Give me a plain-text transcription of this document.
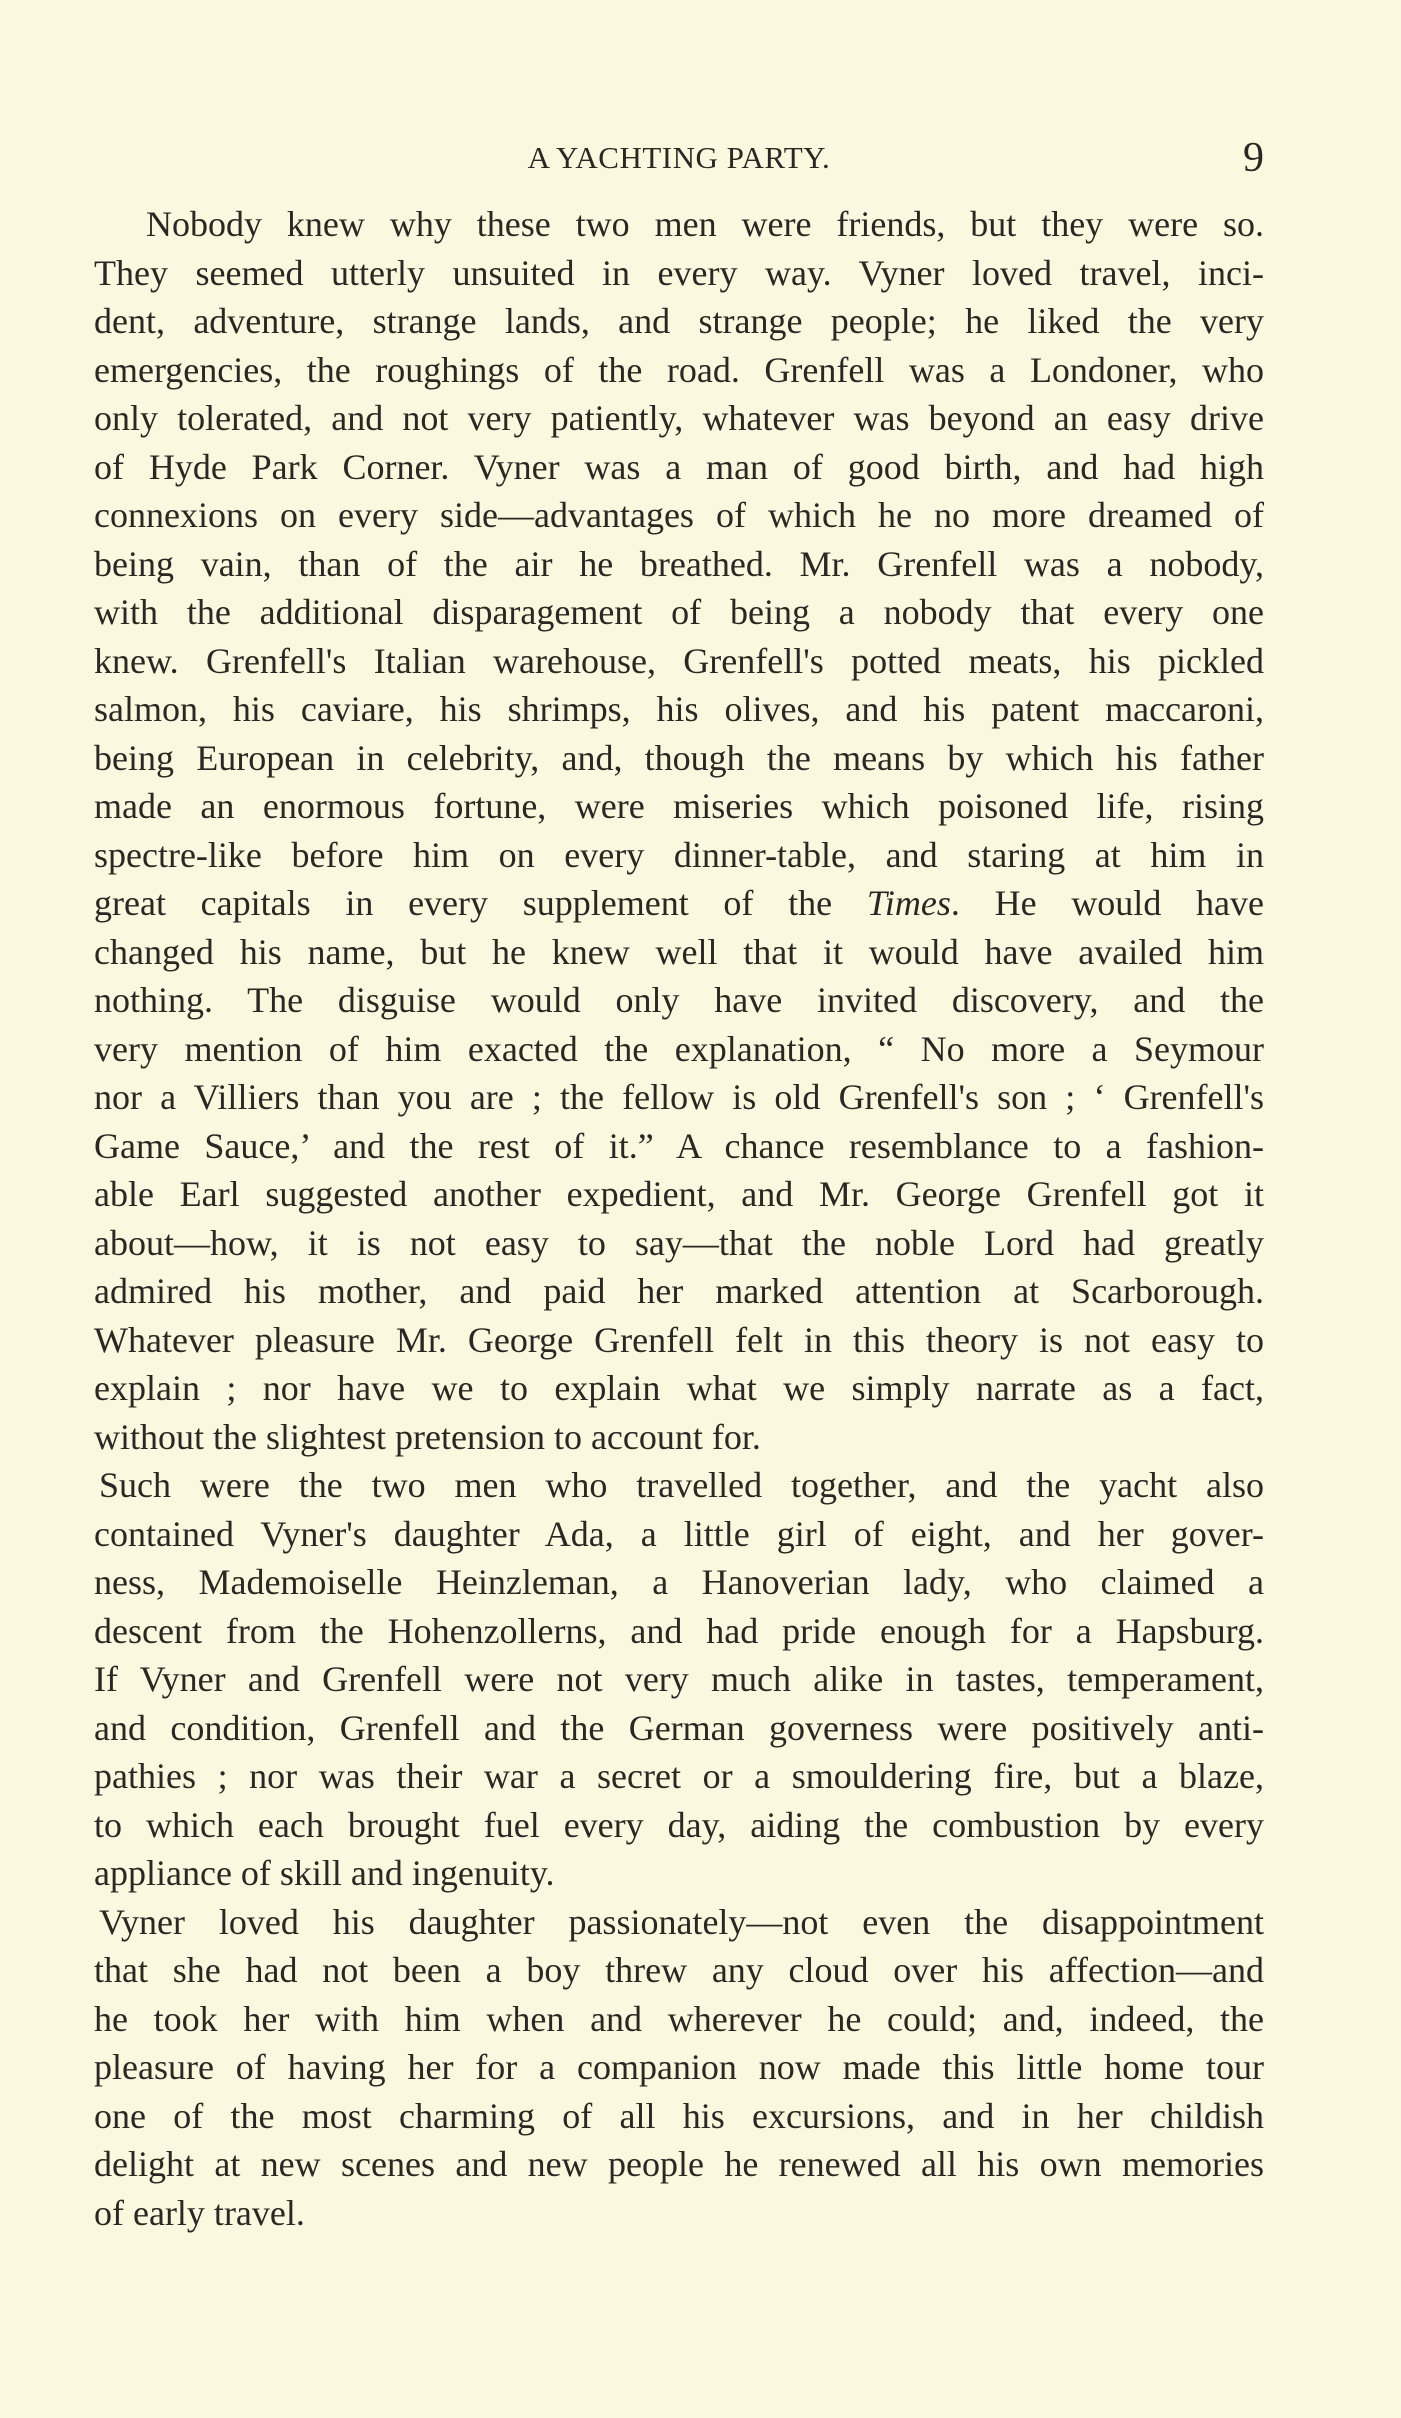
A YACHTING PARTY.	9
Nobody knew why these two men were friends, but they were so.
They seemed utterly unsuited in every way. Vyner loved travel, inci-
dent, adventure, strange lands, and strange people; he liked the very
emergencies, the roughings of the road. Grenfell was a Londoner, who
only tolerated, and not very patiently, whatever was beyond an easy drive
of Hyde Park Corner. Vyner was a man of good birth, and had high
connexions on every side—advantages of which he no more dreamed of
being vain, than of the air he breathed. Mr. Grenfell was a nobody,
with the additional disparagement of being a nobody that every one
knew. Grenfell's Italian warehouse, Grenfell's potted meats, his pickled
salmon, his caviare, his shrimps, his olives, and his patent maccaroni,
being European in celebrity, and, though the means by which his father
made an enormous fortune, were miseries which poisoned life, rising
spectre-like before him on every dinner-table, and staring at him in
great capitals in every supplement of the Times. He would have
changed his name, but he knew well that it would have availed him
nothing. The disguise would only have invited discovery, and the
very mention of him exacted the explanation, “ No more a Seymour
nor a Villiers than you are ; the fellow is old Grenfell's son ; ‘ Grenfell's
Game Sauce,’ and the rest of it.” A chance resemblance to a fashion-
able Earl suggested another expedient, and Mr. George Grenfell got it
about—how, it is not easy to say—that the noble Lord had greatly
admired his mother, and paid her marked attention at Scarborough.
Whatever pleasure Mr. George Grenfell felt in this theory is not easy to
explain ; nor have we to explain what we simply narrate as a fact,
without the slightest pretension to account for.
Such were the two men who travelled together, and the yacht also
contained Vyner's daughter Ada, a little girl of eight, and her gover-
ness, Mademoiselle Heinzleman, a Hanoverian lady, who claimed a
descent from the Hohenzollerns, and had pride enough for a Hapsburg.
If Vyner and Grenfell were not very much alike in tastes, temperament,
and condition, Grenfell and the German governess were positively anti-
pathies ; nor was their war a secret or a smouldering fire, but a blaze,
to which each brought fuel every day, aiding the combustion by every
appliance of skill and ingenuity.
Vyner loved his daughter passionately—not even the disappointment
that she had not been a boy threw any cloud over his affection—and
he took her with him when and wherever he could; and, indeed, the
pleasure of having her for a companion now made this little home tour
one of the most charming of all his excursions, and in her childish
delight at new scenes and new people he renewed all his own memories
of early travel.
